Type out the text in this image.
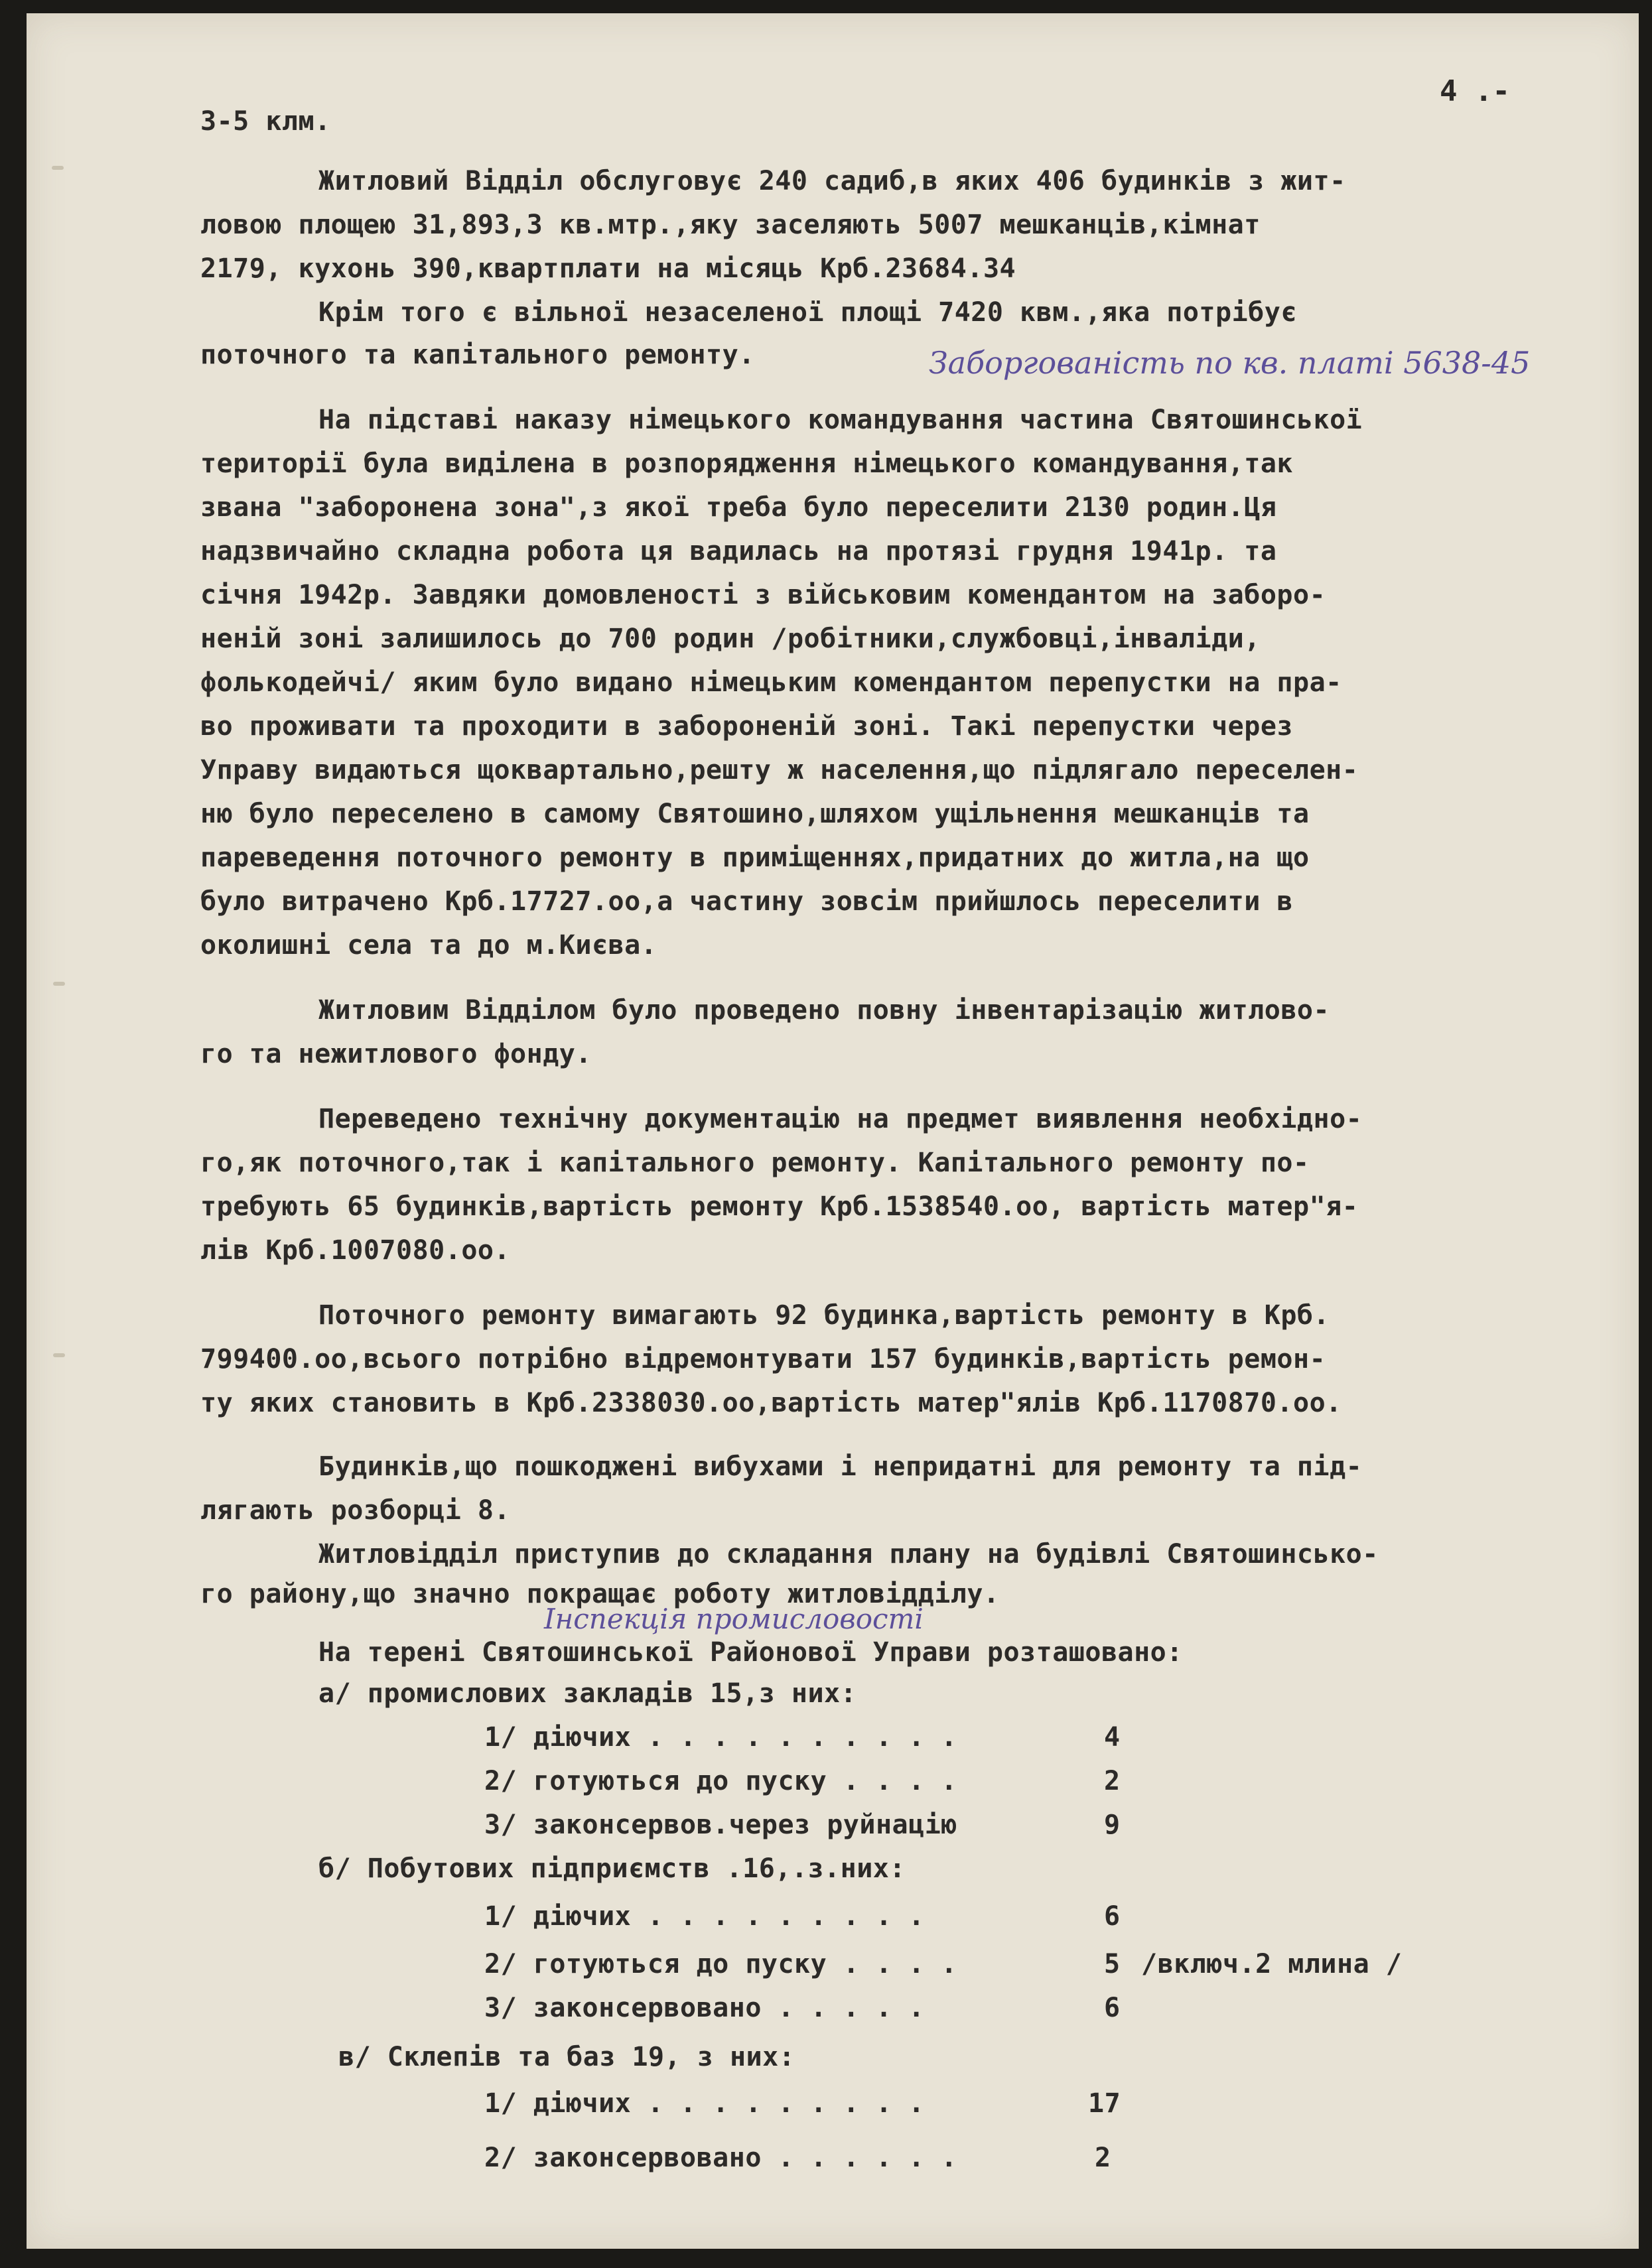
4 .-
3-5 клм.
Житловий Відділ обслуговує 240 садиб,в яких 406 будинків з жит-
ловою площею 31,893,3 кв.мтр.,яку заселяють 5007 мешканців,кімнат
2179, кухонь 390,квартплати на місяць Крб.23684.34
Крім того є вільної незаселеної площі 7420 квм.,яка потрібує
поточного та капітального ремонту.	Заборгованість по кв. платі 5638-45
На підставі наказу німецького командування частина Святошинської
території була виділена в розпорядження німецького командування,так
звана "заборонена зона",з якої треба було переселити 2130 родин.Ця
надзвичайно складна робота ця вадилась на протязі грудня 1941р. та
січня 1942р. Завдяки домовленості з військовим комендантом на заборо-
неній зоні залишилось до 700 родин /робітники,службовці,інваліди,
фолькодейчі/ яким було видано німецьким комендантом перепустки на пра-
во проживати та проходити в забороненій зоні. Такі перепустки через
Управу видаються щоквартально,решту ж населення,що підлягало переселен-
ню було переселено в самому Святошино,шляхом ущільнення мешканців та
пареведення поточного ремонту в приміщеннях,придатних до житла,на що
було витрачено Крб.17727.оо,а частину зовсім прийшлось переселити в
околишні села та до м.Києва.
Житловим Відділом було проведено повну інвентарізацію житлово-
го та нежитлового фонду.
Переведено технічну документацію на предмет виявлення необхідно-
го,як поточного,так і капітального ремонту. Капітального ремонту по-
требують 65 будинків,вартість ремонту Крб.1538540.оо, вартість матер"я-
лів Крб.1007080.оо.
Поточного ремонту вимагають 92 будинка,вартість ремонту в Крб.
799400.оо,всього потрібно відремонтувати 157 будинків,вартість ремон-
ту яких становить в Крб.2338030.оо,вартість матер"ялів Крб.1170870.оо.
Будинків,що пошкоджені вибухами і непридатні для ремонту та під-
лягають розборці 8.
Житловідділ приступив до складання плану на будівлі Святошинсько-
го району,що значно покращає роботу житловідділу.
Інспекція промисловості
На терені Святошинської Районової Управи розташовано:
а/ промислових закладів 15,з них:
1/ діючих . . . . . . . . . .	4
2/ готуються до пуску . . . .	2
3/ законсервов.через руйнацію	9
б/ Побутових підприємств .16,.з.них:
1/ діючих . . . . . . . . .	6
2/ готуються до пуску . . . .	5 /включ.2 млина /
3/ законсервовано . . . . .	6
в/ Склепів та баз 19, з них:
1/ діючих . . . . . . . . .	17
2/ законсервовано . . . . . .	2
